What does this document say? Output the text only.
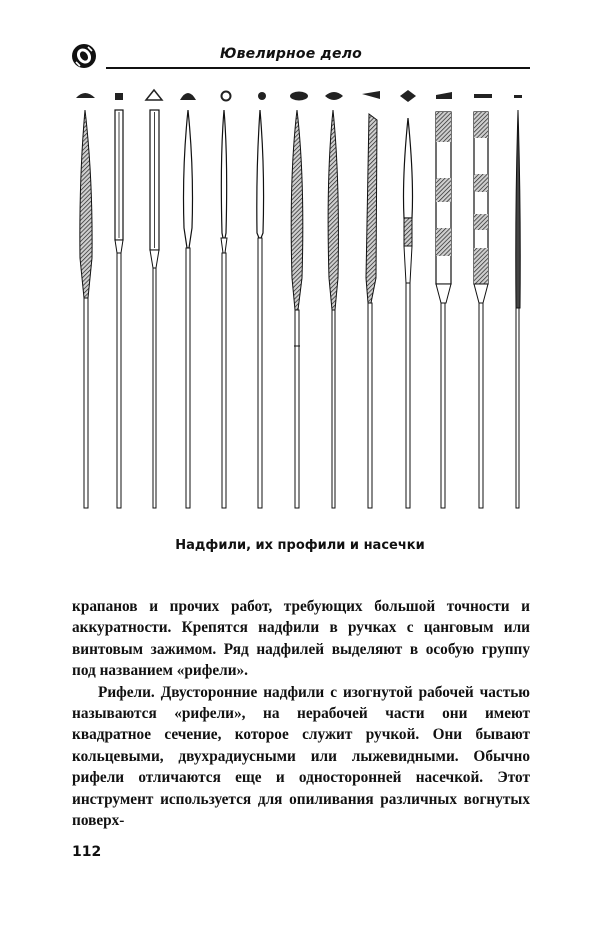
Ювелирное дело
Надфили, их профили и насечки

крапанов и прочих работ, требующих большой точности и аккуратности. Крепятся надфили в ручках с цанговым или винтовым зажимом. Ряд надфилей выделяют в особую группу под названием «рифели».

Рифели. Двусторонние надфили с изогнутой рабочей частью называются «рифели», на нерабочей части они имеют квадратное сечение, которое служит ручкой. Они бывают кольцевыми, двухрадиусными или лыжевидными. Обычно рифели отличаются еще и односторонней насечкой. Этот инструмент используется для опиливания различных вогнутых поверх-

112
